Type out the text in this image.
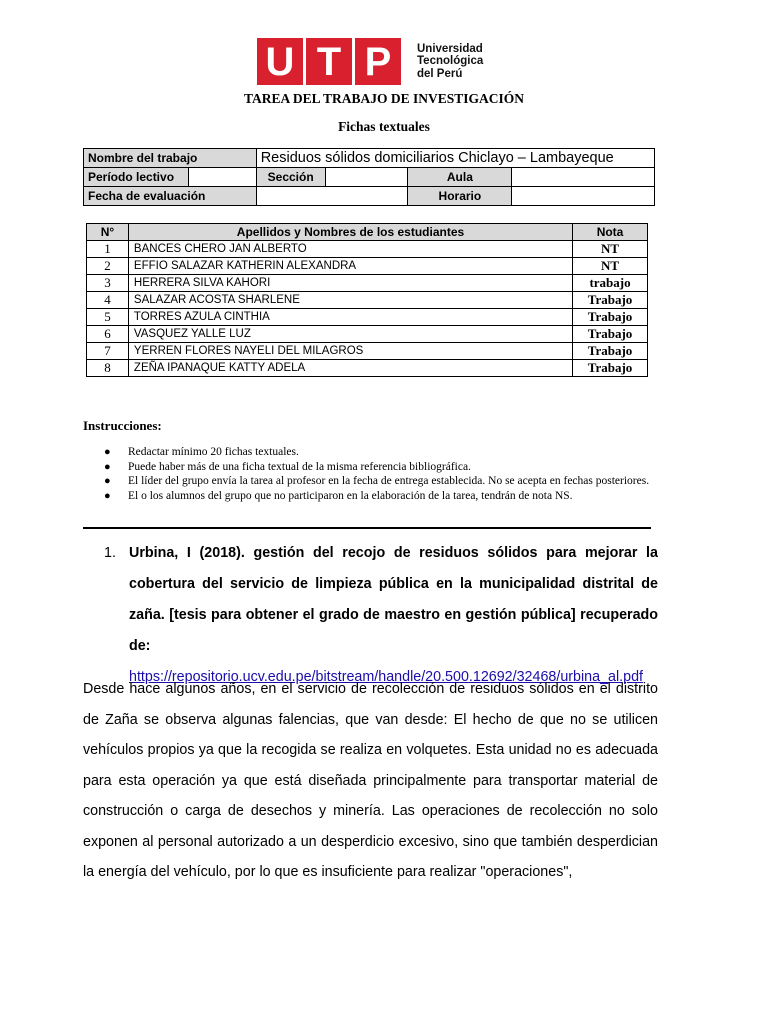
U T P	Universidad
Tecnológica
del Perú
TAREA DEL TRABAJO DE INVESTIGACIÓN
Fichas textuales
Nombre del trabajo		Residuos sólidos domiciliarios Chiclayo – Lambayeque			
Período lectivo		Sección		Aula	
Fecha de evaluación				Horario	
N°	Apellidos y Nombres de los estudiantes	Nota
1	BANCES CHERO JAN ALBERTO	NT
2	EFFIO SALAZAR KATHERIN ALEXANDRA	NT
3	HERRERA SILVA KAHORI	trabajo
4	SALAZAR ACOSTA SHARLENE	Trabajo
5	TORRES AZULA CINTHIA	Trabajo
6	VASQUEZ YALLE LUZ	Trabajo
7	YERREN FLORES NAYELI DEL MILAGROS	Trabajo
8	ZEÑA IPANAQUE KATTY ADELA	Trabajo
Instrucciones:
● Redactar mínimo 20 fichas textuales.
● Puede haber más de una ficha textual de la misma referencia bibliográfica.
● El líder del grupo envía la tarea al profesor en la fecha de entrega establecida. No se acepta en fechas posteriores.
● El o los alumnos del grupo que no participaron en la elaboración de la tarea, tendrán de nota NS.
1. Urbina, I (2018). gestión del recojo de residuos sólidos para mejorar la cobertura del servicio de limpieza pública en la municipalidad distrital de zaña. [tesis para obtener el grado de maestro en gestión pública] recuperado de:
https://repositorio.ucv.edu.pe/bitstream/handle/20.500.12692/32468/urbina_al.pdf

Desde hace algunos años, en el servicio de recolección de residuos sólidos en el distrito de Zaña se observa algunas falencias, que van desde: El hecho de que no se utilicen vehículos propios ya que la recogida se realiza en volquetes. Esta unidad no es adecuada para esta operación ya que está diseñada principalmente para transportar material de construcción o carga de desechos y minería. Las operaciones de recolección no solo exponen al personal autorizado a un desperdicio excesivo, sino que también desperdician la energía del vehículo, por lo que es insuficiente para realizar "operaciones",
